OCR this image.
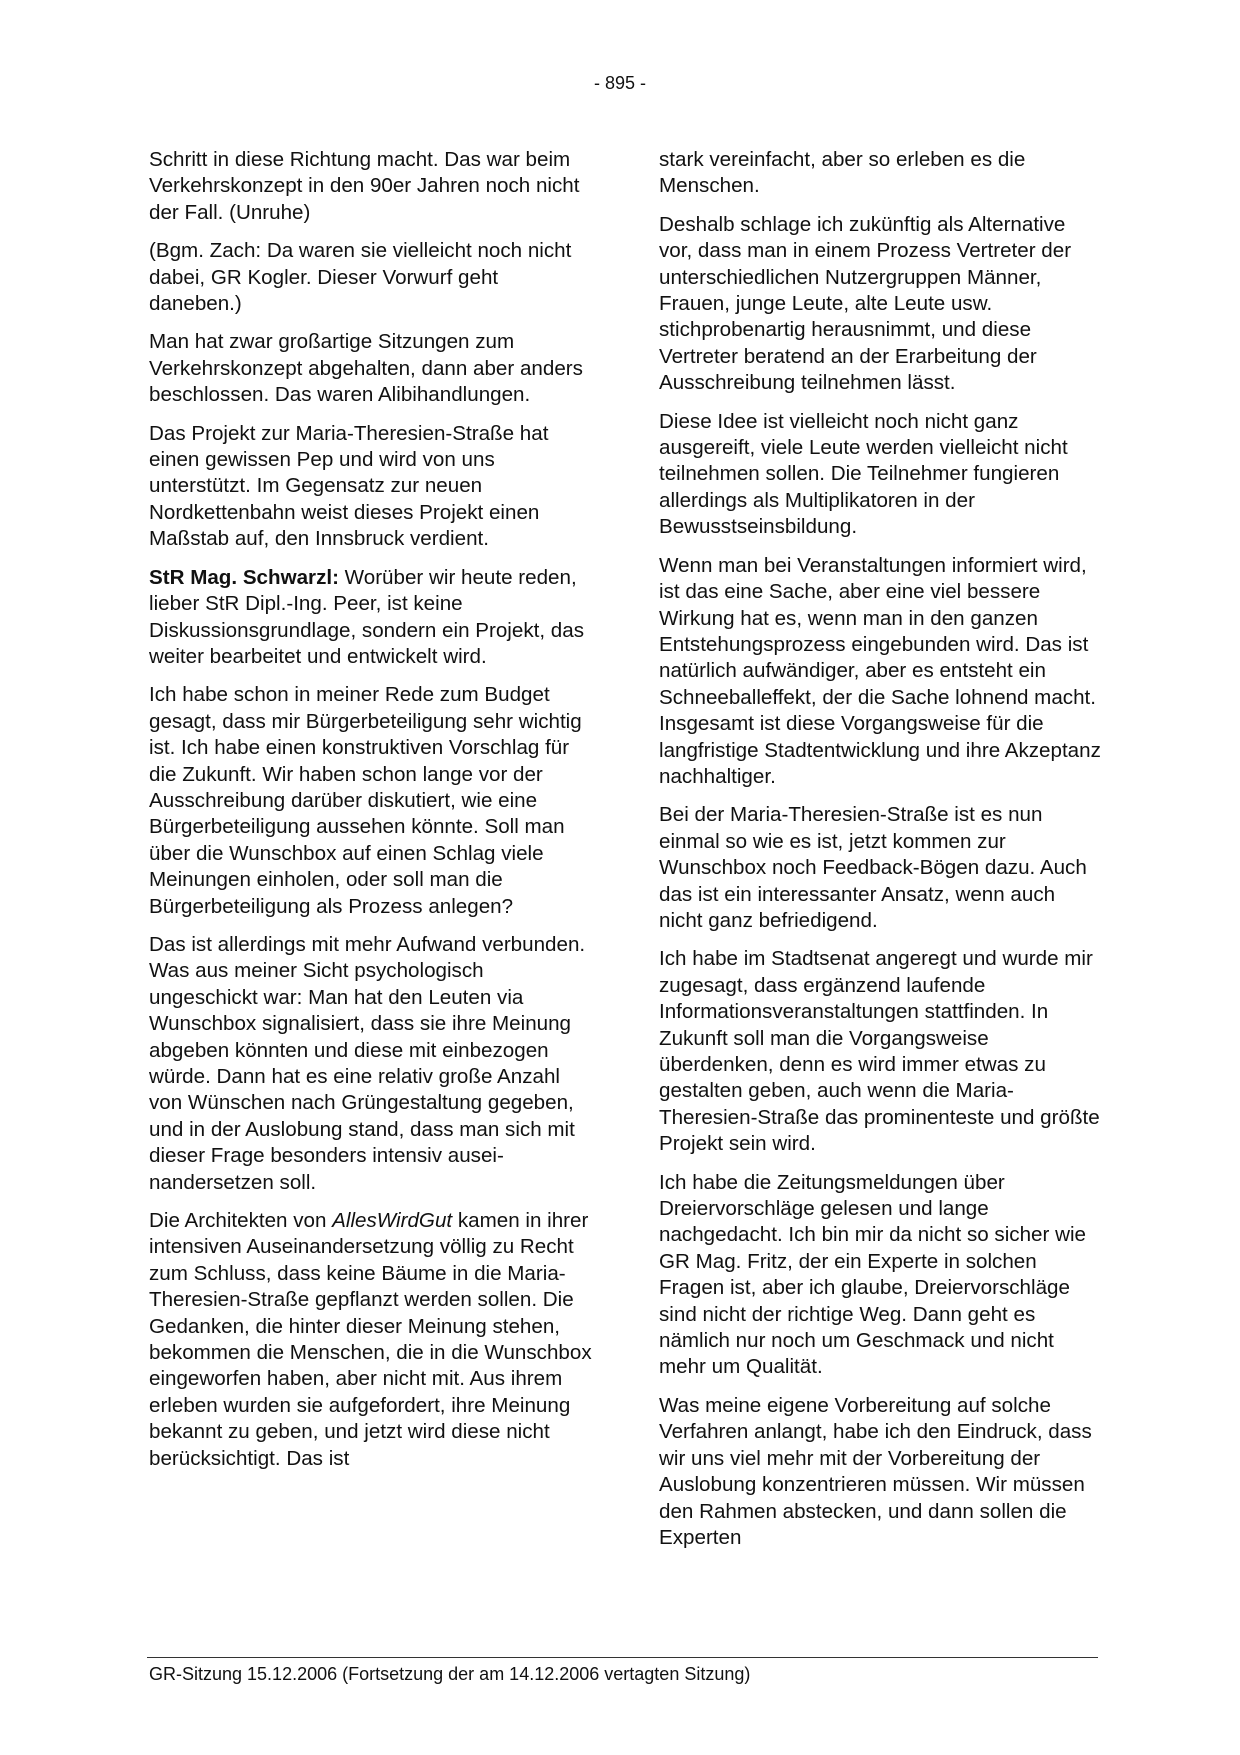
- 895 -

Schritt in diese Richtung macht. Das war beim Verkehrskonzept in den 90er Jahren noch nicht der Fall. (Unruhe)

(Bgm. Zach: Da waren sie vielleicht noch nicht dabei, GR Kogler. Dieser Vorwurf geht daneben.)

Man hat zwar großartige Sitzungen zum Verkehrskonzept abgehalten, dann aber anders beschlossen. Das waren Alibihandlungen.

Das Projekt zur Maria-Theresien-Straße hat einen gewissen Pep und wird von uns unterstützt. Im Gegensatz zur neuen Nordkettenbahn weist dieses Projekt einen Maßstab auf, den Innsbruck verdient.

StR Mag. Schwarzl: Worüber wir heute reden, lieber StR Dipl.-Ing. Peer, ist keine Diskussionsgrundlage, sondern ein Projekt, das weiter bearbeitet und entwickelt wird.

Ich habe schon in meiner Rede zum Budget gesagt, dass mir Bürgerbeteiligung sehr wichtig ist. Ich habe einen konstruktiven Vorschlag für die Zukunft. Wir haben schon lange vor der Ausschreibung darüber diskutiert, wie eine Bürgerbeteiligung aussehen könnte. Soll man über die Wunschbox auf einen Schlag viele Meinungen einholen, oder soll man die Bürgerbeteiligung als Prozess anlegen?

Das ist allerdings mit mehr Aufwand verbunden. Was aus meiner Sicht psychologisch ungeschickt war: Man hat den Leuten via Wunschbox signalisiert, dass sie ihre Meinung abgeben könnten und diese mit einbezogen würde. Dann hat es eine relativ große Anzahl von Wünschen nach Grüngestaltung gegeben, und in der Auslobung stand, dass man sich mit dieser Frage besonders intensiv auseinandersetzen soll.

Die Architekten von AllesWirdGut kamen in ihrer intensiven Auseinandersetzung völlig zu Recht zum Schluss, dass keine Bäume in die Maria-Theresien-Straße gepflanzt werden sollen. Die Gedanken, die hinter dieser Meinung stehen, bekommen die Menschen, die in die Wunschbox eingeworfen haben, aber nicht mit. Aus ihrem erleben wurden sie aufgefordert, ihre Meinung bekannt zu geben, und jetzt wird diese nicht berücksichtigt. Das ist

stark vereinfacht, aber so erleben es die Menschen.

Deshalb schlage ich zukünftig als Alternative vor, dass man in einem Prozess Vertreter der unterschiedlichen Nutzergruppen Männer, Frauen, junge Leute, alte Leute usw. stichprobenartig herausnimmt, und diese Vertreter beratend an der Erarbeitung der Ausschreibung teilnehmen lässt.

Diese Idee ist vielleicht noch nicht ganz ausgereift, viele Leute werden vielleicht nicht teilnehmen sollen. Die Teilnehmer fungieren allerdings als Multiplikatoren in der Bewusstseinsbildung.

Wenn man bei Veranstaltungen informiert wird, ist das eine Sache, aber eine viel bessere Wirkung hat es, wenn man in den ganzen Entstehungsprozess eingebunden wird. Das ist natürlich aufwändiger, aber es entsteht ein Schneeballeffekt, der die Sache lohnend macht. Insgesamt ist diese Vorgangsweise für die langfristige Stadtentwicklung und ihre Akzeptanz nachhaltiger.

Bei der Maria-Theresien-Straße ist es nun einmal so wie es ist, jetzt kommen zur Wunschbox noch Feedback-Bögen dazu. Auch das ist ein interessanter Ansatz, wenn auch nicht ganz befriedigend.

Ich habe im Stadtsenat angeregt und wurde mir zugesagt, dass ergänzend laufende Informationsveranstaltungen stattfinden. In Zukunft soll man die Vorgangsweise überdenken, denn es wird immer etwas zu gestalten geben, auch wenn die Maria-Theresien-Straße das prominenteste und größte Projekt sein wird.

Ich habe die Zeitungsmeldungen über Dreiervorschläge gelesen und lange nachgedacht. Ich bin mir da nicht so sicher wie GR Mag. Fritz, der ein Experte in solchen Fragen ist, aber ich glaube, Dreiervorschläge sind nicht der richtige Weg. Dann geht es nämlich nur noch um Geschmack und nicht mehr um Qualität.

Was meine eigene Vorbereitung auf solche Verfahren anlangt, habe ich den Eindruck, dass wir uns viel mehr mit der Vorbereitung der Auslobung konzentrieren müssen. Wir müssen den Rahmen abstecken, und dann sollen die Experten

GR-Sitzung 15.12.2006 (Fortsetzung der am 14.12.2006 vertagten Sitzung)
